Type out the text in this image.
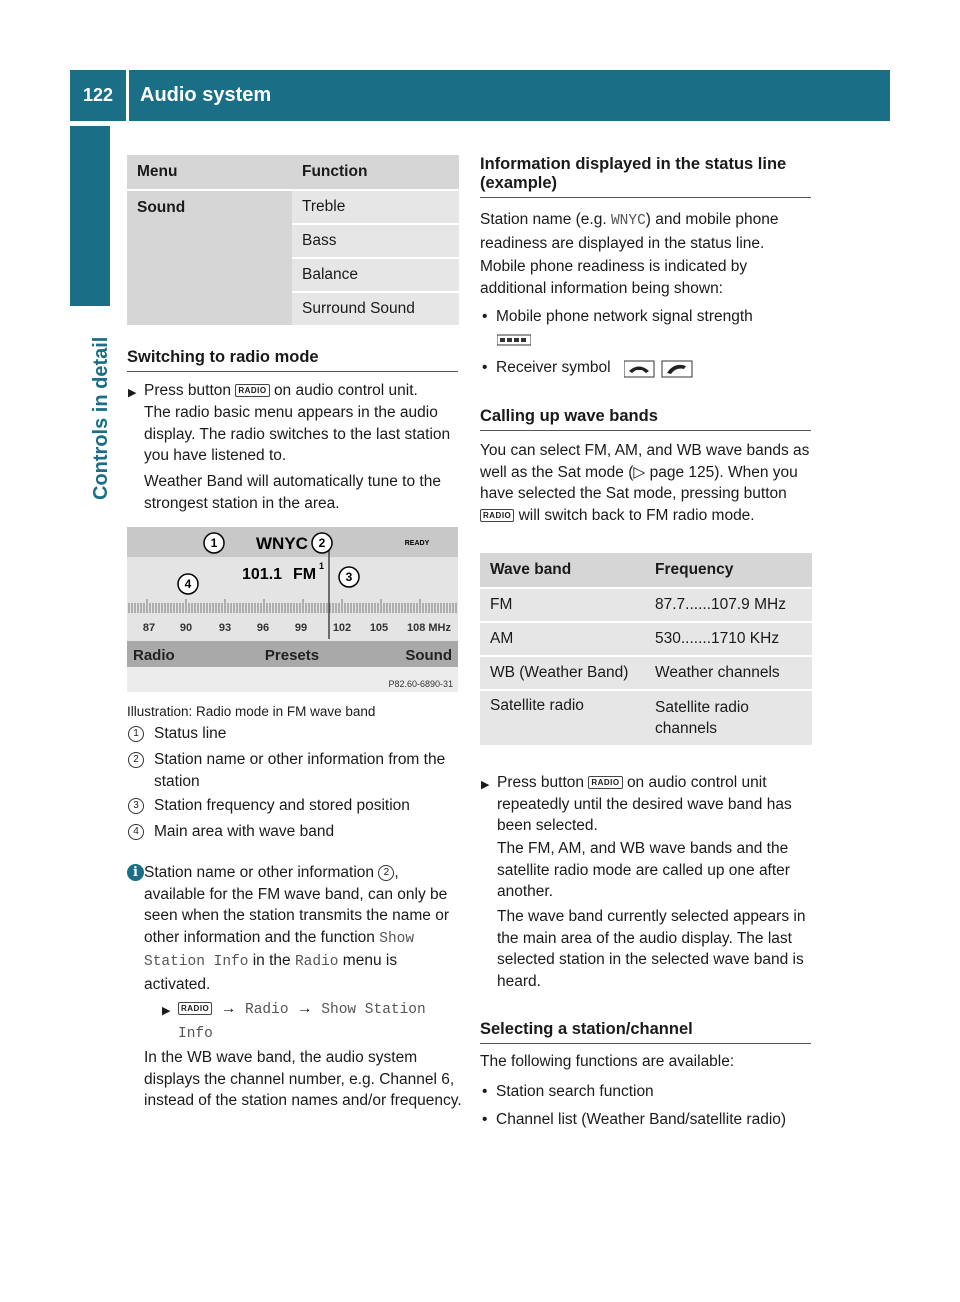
122	Audio system
Controls in detail
Menu	Function
Sound	Treble
	Bass
	Balance
	Surround Sound
Switching to radio mode
▶ Press button RADIO on audio control unit.
The radio basic menu appears in the audio display. The radio switches to the last station you have listened to.
Weather Band will automatically tune to the strongest station in the area.
1	2
3
4
WNYC	READY
101.1 FM 1
87 90 93 96 99 102 105 108 MHz
Radio	Presets	Sound
P82.60-6890-31
Illustration: Radio mode in FM wave band
1 Status line
2 Station name or other information from the station
3 Station frequency and stored position
4 Main area with wave band
i Station name or other information 2 , available for the FM wave band, can only be seen when the station transmits the name or other information and the function Show Station Info in the Radio menu is activated.
▶	RADIO  →  Radio  →  Show Station Info
In the WB wave band, the audio system displays the channel number, e.g. Channel 6, instead of the station names and/or frequency.
Information displayed in the status line (example)
Station name (e.g. WNYC) and mobile phone readiness are displayed in the status line.
Mobile phone readiness is indicated by additional information being shown:
• Mobile phone network signal strength
• Receiver symbol
Calling up wave bands
You can select FM, AM, and WB wave bands as well as the Sat mode (▷ page 125). When you have selected the Sat mode, pressing button RADIO will switch back to FM radio mode.
Wave band	Frequency
FM	87.7......107.9 MHz
AM	530.......1710 KHz
WB (Weather Band)	Weather channels
Satellite radio	Satellite radio channels
▶ Press button RADIO on audio control unit repeatedly until the desired wave band has been selected.
The FM, AM, and WB wave bands and the satellite radio mode are called up one after another.
The wave band currently selected appears in the main area of the audio display. The last selected station in the selected wave band is heard.
Selecting a station/channel
The following functions are available:
• Station search function
• Channel list (Weather Band/satellite radio)
